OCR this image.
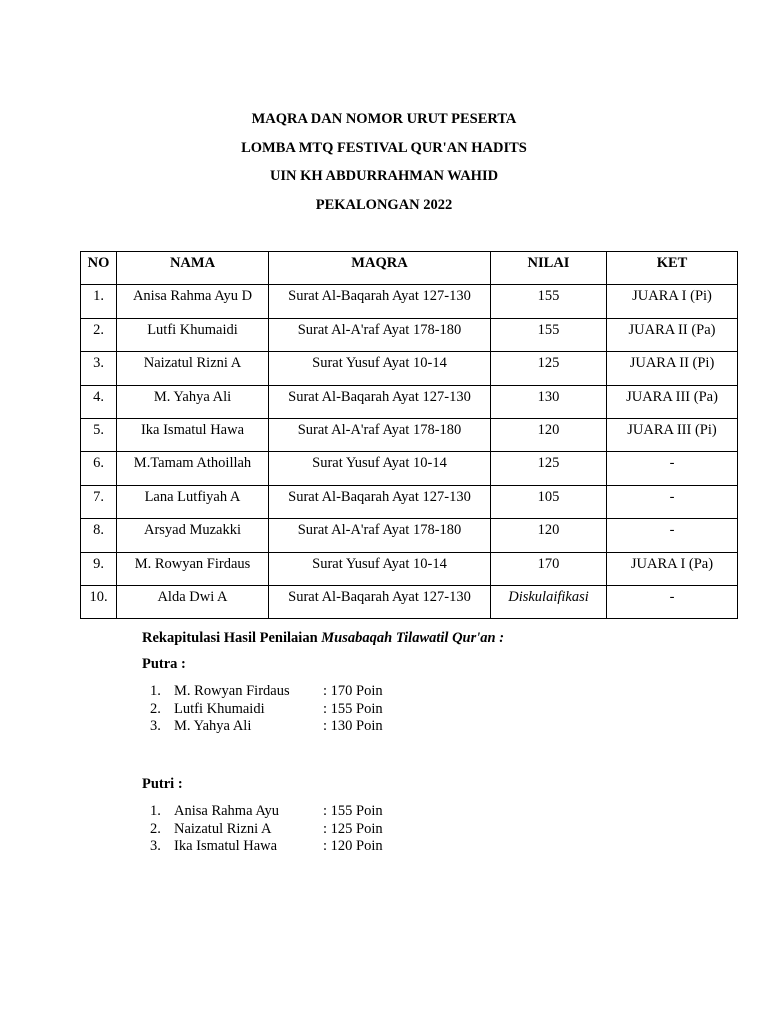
MAQRA DAN NOMOR URUT PESERTA
LOMBA MTQ FESTIVAL QUR'AN HADITS
UIN KH ABDURRAHMAN WAHID
PEKALONGAN 2022
NO	NAMA	MAQRA	NILAI	KET
1.	Anisa Rahma Ayu D	Surat Al-Baqarah Ayat 127-130	155	JUARA I (Pi)
2.	Lutfi Khumaidi	Surat Al-A'raf Ayat 178-180	155	JUARA II (Pa)
3.	Naizatul Rizni A	Surat Yusuf Ayat 10-14	125	JUARA II (Pi)
4.	M. Yahya Ali	Surat Al-Baqarah Ayat 127-130	130	JUARA III (Pa)
5.	Ika Ismatul Hawa	Surat Al-A'raf Ayat 178-180	120	JUARA III (Pi)
6.	M.Tamam Athoillah	Surat Yusuf Ayat 10-14	125	-
7.	Lana Lutfiyah A	Surat Al-Baqarah Ayat 127-130	105	-
8.	Arsyad Muzakki	Surat Al-A'raf Ayat 178-180	120	-
9.	M. Rowyan Firdaus	Surat Yusuf Ayat 10-14	170	JUARA I (Pa)
10.	Alda Dwi A	Surat Al-Baqarah Ayat 127-130	Diskulaifikasi	-
Rekapitulasi Hasil Penilaian Musabaqah Tilawatil Qur'an :
Putra :
1. M. Rowyan Firdaus : 170 Poin
2. Lutfi Khumaidi	: 155 Poin
3. M. Yahya Ali	: 130 Poin
Putri :
1. Anisa Rahma Ayu	: 155 Poin
2. Naizatul Rizni A	: 125 Poin
3. Ika Ismatul Hawa	: 120 Poin
